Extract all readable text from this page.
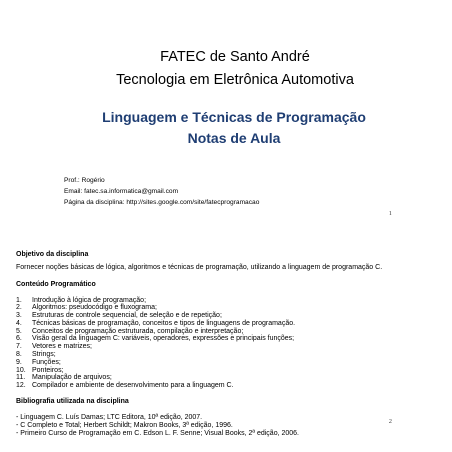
FATEC de Santo André
Tecnologia em Eletrônica Automotiva
Linguagem e Técnicas de Programação
Notas de Aula
Prof.: Rogério
Email: fatec.sa.informatica@gmail.com
Página da disciplina: http://sites.google.com/site/fatecprogramacao
1
Objetivo da disciplina
Fornecer noções básicas de lógica, algoritmos e técnicas de programação, utilizando a linguagem de programação C.
Conteúdo Programático
1.	Introdução à lógica de programação;
2.	Algoritmos: pseudocódigo e fluxograma;
3.	Estruturas de controle sequencial, de seleção e de repetição;
4.	Técnicas básicas de programação, conceitos e tipos de linguagens de programação.
5.	Conceitos de programação estruturada, compilação e interpretação;
6.	Visão geral da linguagem C: variáveis, operadores, expressões e principais funções;
7.	Vetores e matrizes;
8.	Strings;
9.	Funções;
10. Ponteiros;
11. Manipulação de arquivos;
12. Compilador e ambiente de desenvolvimento para a linguagem C.
Bibliografia utilizada na disciplina
- Linguagem C. Luís Damas; LTC Editora, 10ª edição, 2007.
- C Completo e Total; Herbert Schildt; Makron Books, 3ª edição, 1996.
- Primeiro Curso de Programação em C. Edson L. F. Senne; Visual Books, 2ª edição, 2006.
2
